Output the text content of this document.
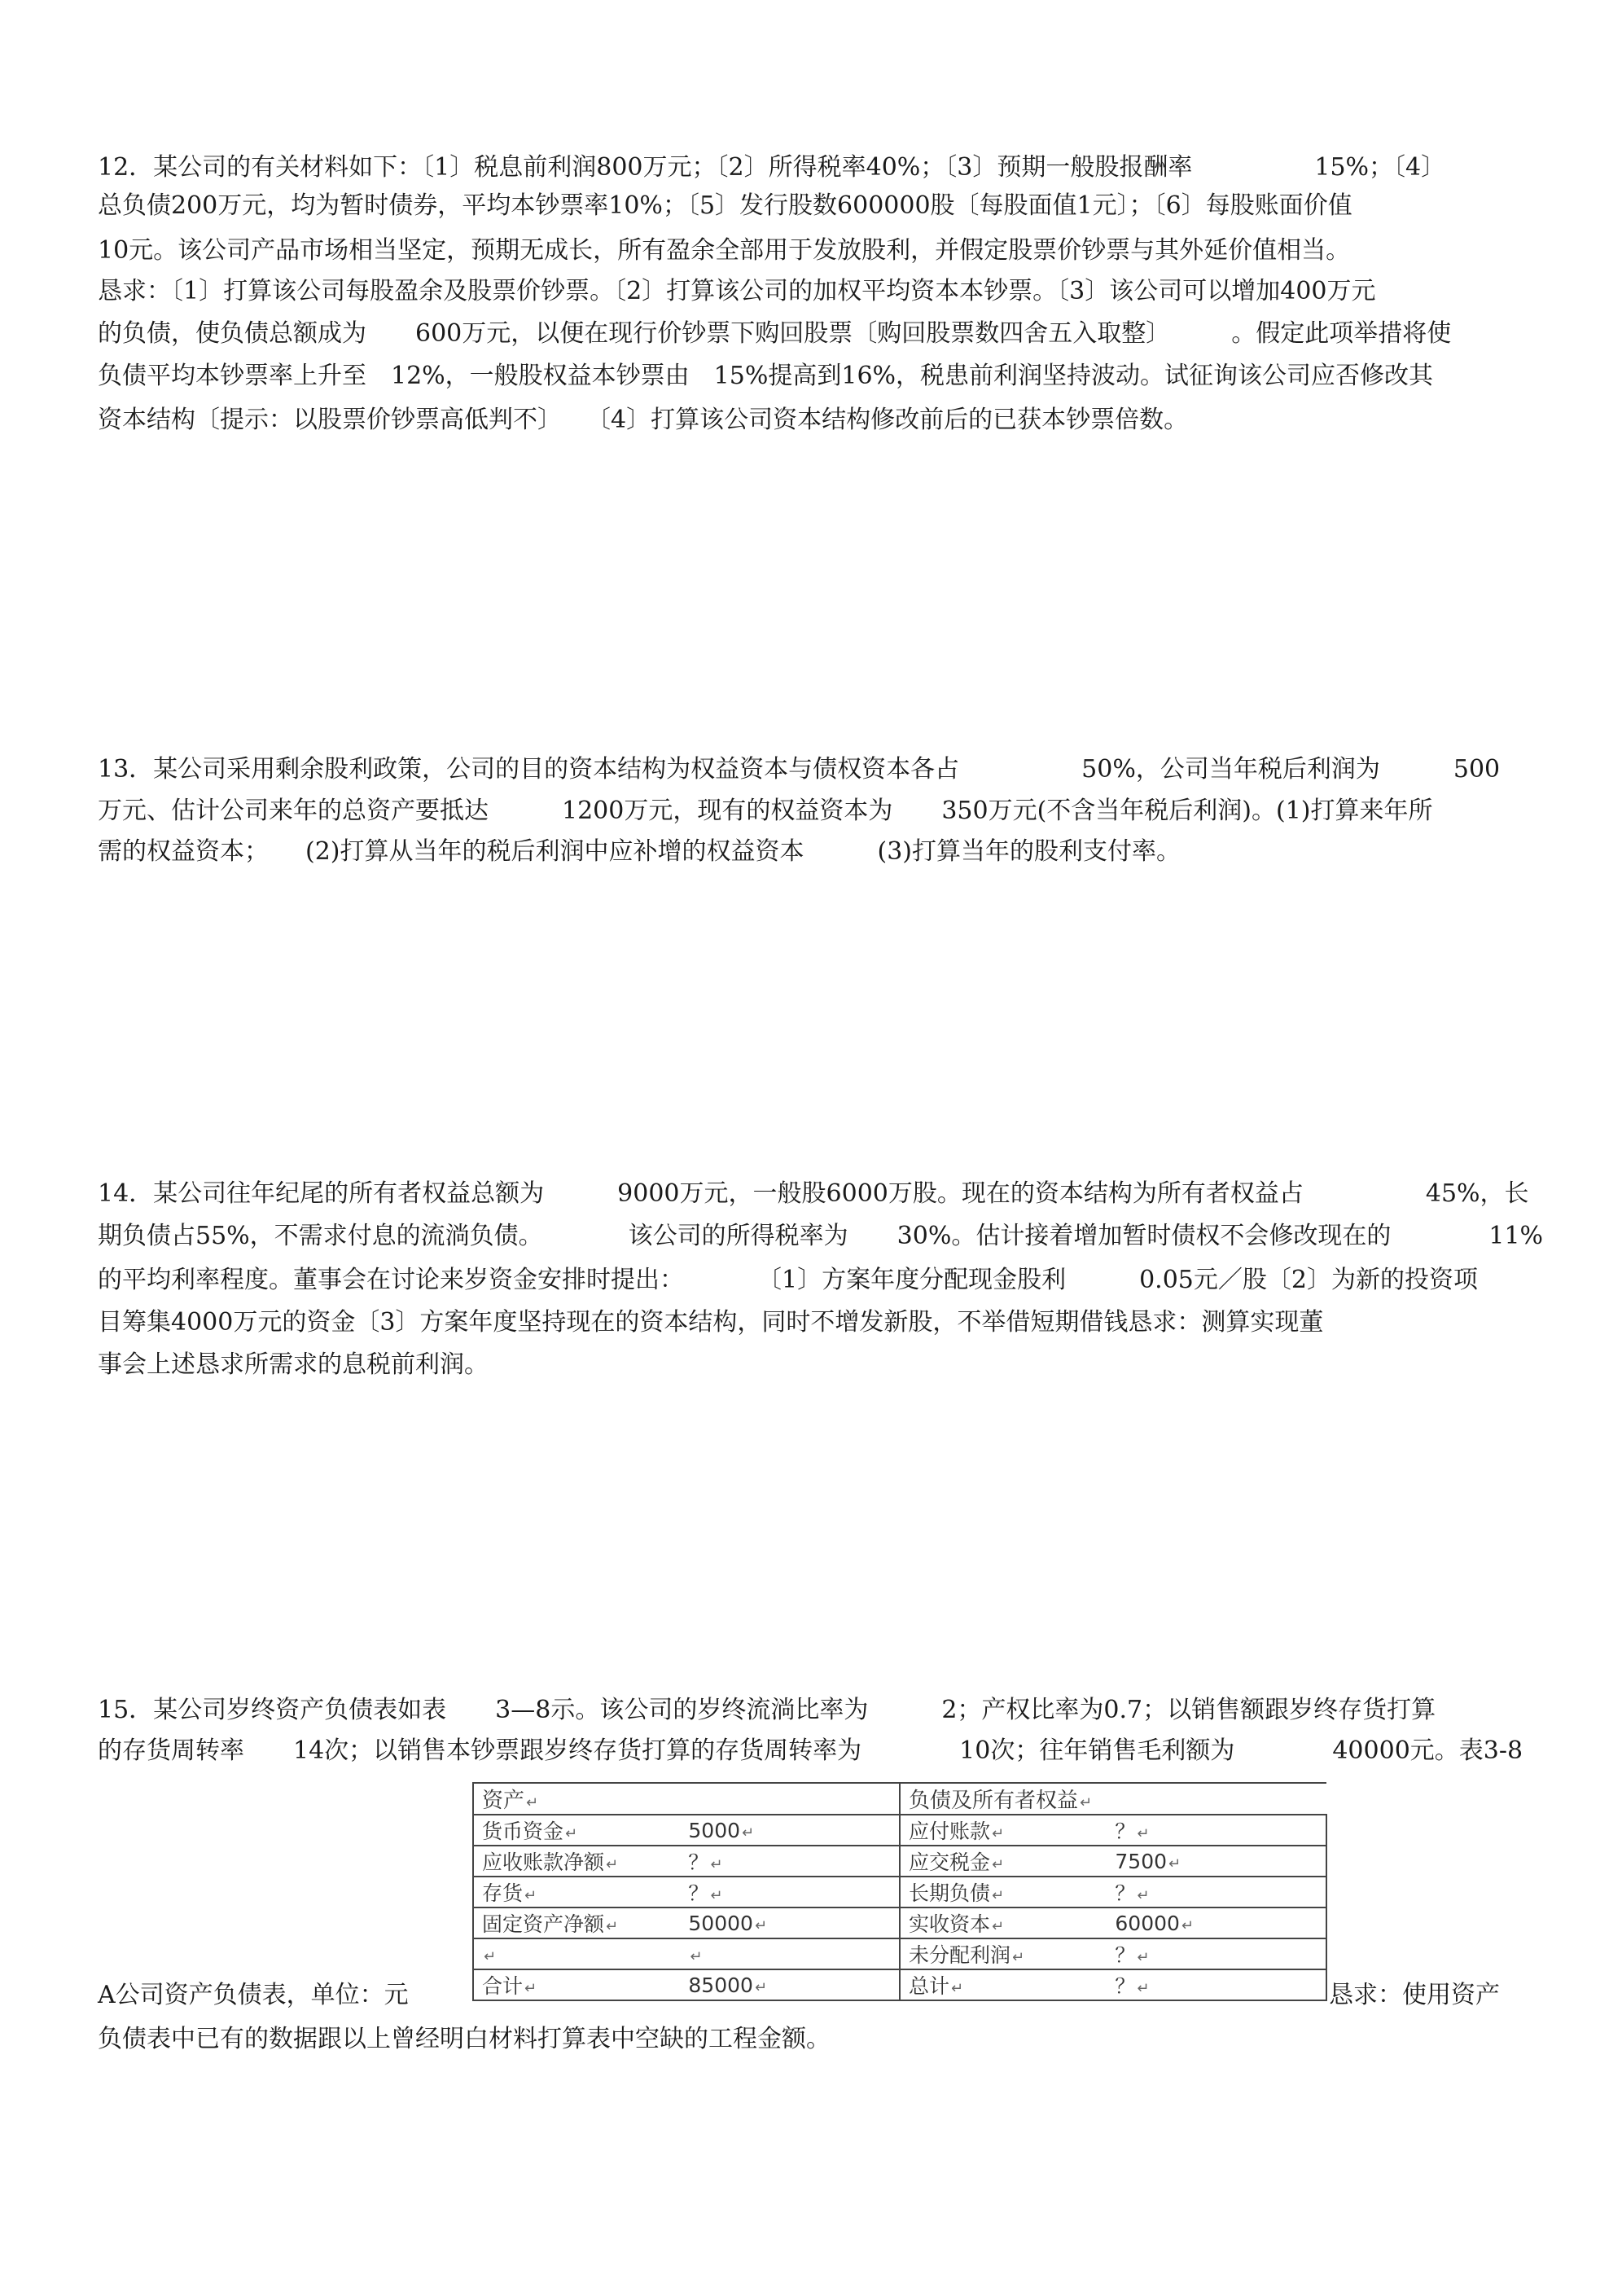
12．某公司的有关材料如下：〔1〕税息前利润800万元；〔2〕所得税率40%；〔3〕预期一般股报酬率　　　　　15%；〔4〕
总负债200万元，均为暂时债券，平均本钞票率10%；〔5〕发行股数600000股〔每股面值1元〕；〔6〕每股账面价值
10元。该公司产品市场相当坚定，预期无成长，所有盈余全部用于发放股利，并假定股票价钞票与其外延价值相当。
恳求：〔1〕打算该公司每股盈余及股票价钞票。〔2〕打算该公司的加权平均资本本钞票。〔3〕该公司可以增加400万元
的负债，使负债总额成为　　600万元，以便在现行价钞票下购回股票〔购回股票数四舍五入取整〕　　　。假定此项举措将使
负债平均本钞票率上升至　12%，一般股权益本钞票由　15%提高到16%，税患前利润坚持波动。试征询该公司应否修改其
资本结构〔提示：以股票价钞票高低判不〕　　〔4〕打算该公司资本结构修改前后的已获本钞票倍数。
13．某公司采用剩余股利政策，公司的目的资本结构为权益资本与债权资本各占　　　　　50%，公司当年税后利润为　　　500
万元、估计公司来年的总资产要抵达　　　1200万元，现有的权益资本为　　350万元(不含当年税后利润)。(1)打算来年所
需的权益资本；　　(2)打算从当年的税后利润中应补增的权益资本　　　(3)打算当年的股利支付率。
14．某公司往年纪尾的所有者权益总额为　　　9000万元，一般股6000万股。现在的资本结构为所有者权益占　　　　　45%，长
期负债占55%，不需求付息的流淌负债。　　　　该公司的所得税率为　　30%。估计接着增加暂时债权不会修改现在的　　　　11%
的平均利率程度。董事会在讨论来岁资金安排时提出：　　　　〔1〕方案年度分配现金股利　　　0.05元／股〔2〕为新的投资项
目筹集4000万元的资金〔3〕方案年度坚持现在的资本结构，同时不增发新股，不举借短期借钱恳求：测算实现董
事会上述恳求所需求的息税前利润。
15．某公司岁终资产负债表如表　　3—8示。该公司的岁终流淌比率为　　　2；产权比率为0.7；以销售额跟岁终存货打算
的存货周转率　　14次；以销售本钞票跟岁终存货打算的存货周转率为　　　　10次；往年销售毛利额为　　　　40000元。表3-8
资产 ↵		负债及所有者权益 ↵	
货币资金 ↵	5000 ↵	应付账款 ↵	？ ↵
应收账款净额 ↵	？ ↵	应交税金 ↵	7500 ↵
存货 ↵	？ ↵	长期负债 ↵	？ ↵
固定资产净额 ↵	50000 ↵	实收资本 ↵	60000 ↵
↵	↵	未分配利润 ↵	？ ↵
合计 ↵	85000 ↵	总计 ↵	？ ↵
A公司资产负债表，单位：元	恳求：使用资产
负债表中已有的数据跟以上曾经明白材料打算表中空缺的工程金额。
